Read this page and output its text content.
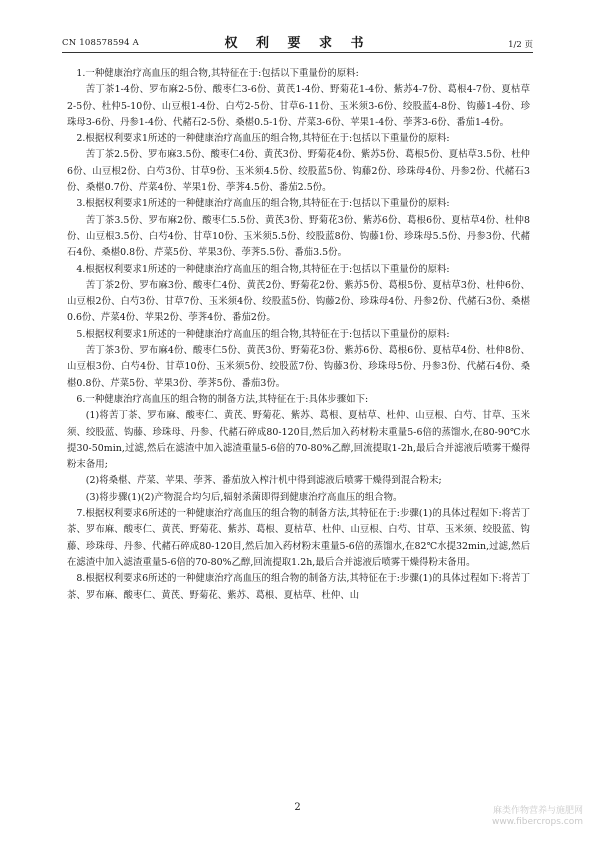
CN 108578594 A	权 利 要 求 书	1/2 页

1.一种健康治疗高血压的组合物,其特征在于:包括以下重量份的原料:

苦丁茶1-4份、罗布麻2-5份、酸枣仁3-6份、黄芪1-4份、野菊花1-4份、紫苏4-7份、葛根4-7份、夏枯草2-5份、杜仲5-10份、山豆根1-4份、白芍2-5份、甘草6-11份、玉米须3-6份、绞股蓝4-8份、钩藤1-4份、珍珠母3-6份、丹参1-4份、代赭石2-5份、桑椹0.5-1份、芹菜3-6份、苹果1-4份、荸荠3-6份、番茄1-4份。

2.根据权利要求1所述的一种健康治疗高血压的组合物,其特征在于:包括以下重量份的原料:

苦丁茶2.5份、罗布麻3.5份、酸枣仁4份、黄芪3份、野菊花4份、紫苏5份、葛根5份、夏枯草3.5份、杜仲6份、山豆根2份、白芍3份、甘草9份、玉米须4.5份、绞股蓝5份、钩藤2份、珍珠母4份、丹参2份、代赭石3份、桑椹0.7份、芹菜4份、苹果1份、荸荠4.5份、番茄2.5份。

3.根据权利要求1所述的一种健康治疗高血压的组合物,其特征在于:包括以下重量份的原料:

苦丁茶3.5份、罗布麻2份、酸枣仁5.5份、黄芪3份、野菊花3份、紫苏6份、葛根6份、夏枯草4份、杜仲8份、山豆根3.5份、白芍4份、甘草10份、玉米须5.5份、绞股蓝8份、钩藤1份、珍珠母5.5份、丹参3份、代赭石4份、桑椹0.8份、芹菜5份、苹果3份、荸荠5.5份、番茄3.5份。

4.根据权利要求1所述的一种健康治疗高血压的组合物,其特征在于:包括以下重量份的原料:

苦丁茶2份、罗布麻3份、酸枣仁4份、黄芪2份、野菊花2份、紫苏5份、葛根5份、夏枯草3份、杜仲6份、山豆根2份、白芍3份、甘草7份、玉米须4份、绞股蓝5份、钩藤2份、珍珠母4份、丹参2份、代赭石3份、桑椹0.6份、芹菜4份、苹果2份、荸荠4份、番茄2份。

5.根据权利要求1所述的一种健康治疗高血压的组合物,其特征在于:包括以下重量份的原料:

苦丁茶3份、罗布麻4份、酸枣仁5份、黄芪3份、野菊花3份、紫苏6份、葛根6份、夏枯草4份、杜仲8份、山豆根3份、白芍4份、甘草10份、玉米须5份、绞股蓝7份、钩藤3份、珍珠母5份、丹参3份、代赭石4份、桑椹0.8份、芹菜5份、苹果3份、荸荠5份、番茄3份。

6.一种健康治疗高血压的组合物的制备方法,其特征在于:具体步骤如下:

(1)将苦丁茶、罗布麻、酸枣仁、黄芪、野菊花、紫苏、葛根、夏枯草、杜仲、山豆根、白芍、甘草、玉米须、绞股蓝、钩藤、珍珠母、丹参、代赭石碎成80-120目,然后加入药材粉末重量5-6倍的蒸馏水,在80-90℃水提30-50min,过滤,然后在滤渣中加入滤渣重量5-6倍的70-80%乙醇,回流提取1-2h,最后合并滤液后喷雾干燥得粉末备用;

(2)将桑椹、芹菜、苹果、荸荠、番茄放入榨汁机中得到滤液后喷雾干燥得到混合粉末;

(3)将步骤(1)(2)产物混合均匀后,辐射杀菌即得到健康治疗高血压的组合物。

7.根据权利要求6所述的一种健康治疗高血压的组合物的制备方法,其特征在于:步骤(1)的具体过程如下:将苦丁茶、罗布麻、酸枣仁、黄芪、野菊花、紫苏、葛根、夏枯草、杜仲、山豆根、白芍、甘草、玉米须、绞股蓝、钩藤、珍珠母、丹参、代赭石碎成80-120目,然后加入药材粉末重量5-6倍的蒸馏水,在82℃水提32min,过滤,然后在滤渣中加入滤渣重量5-6倍的70-80%乙醇,回流提取1.2h,最后合并滤液后喷雾干燥得粉末备用。

8.根据权利要求6所述的一种健康治疗高血压的组合物的制备方法,其特征在于:步骤(1)的具体过程如下:将苦丁茶、罗布麻、酸枣仁、黄芪、野菊花、紫苏、葛根、夏枯草、杜仲、山

2	麻类作物营养与施肥网
www.fibercrops.com
